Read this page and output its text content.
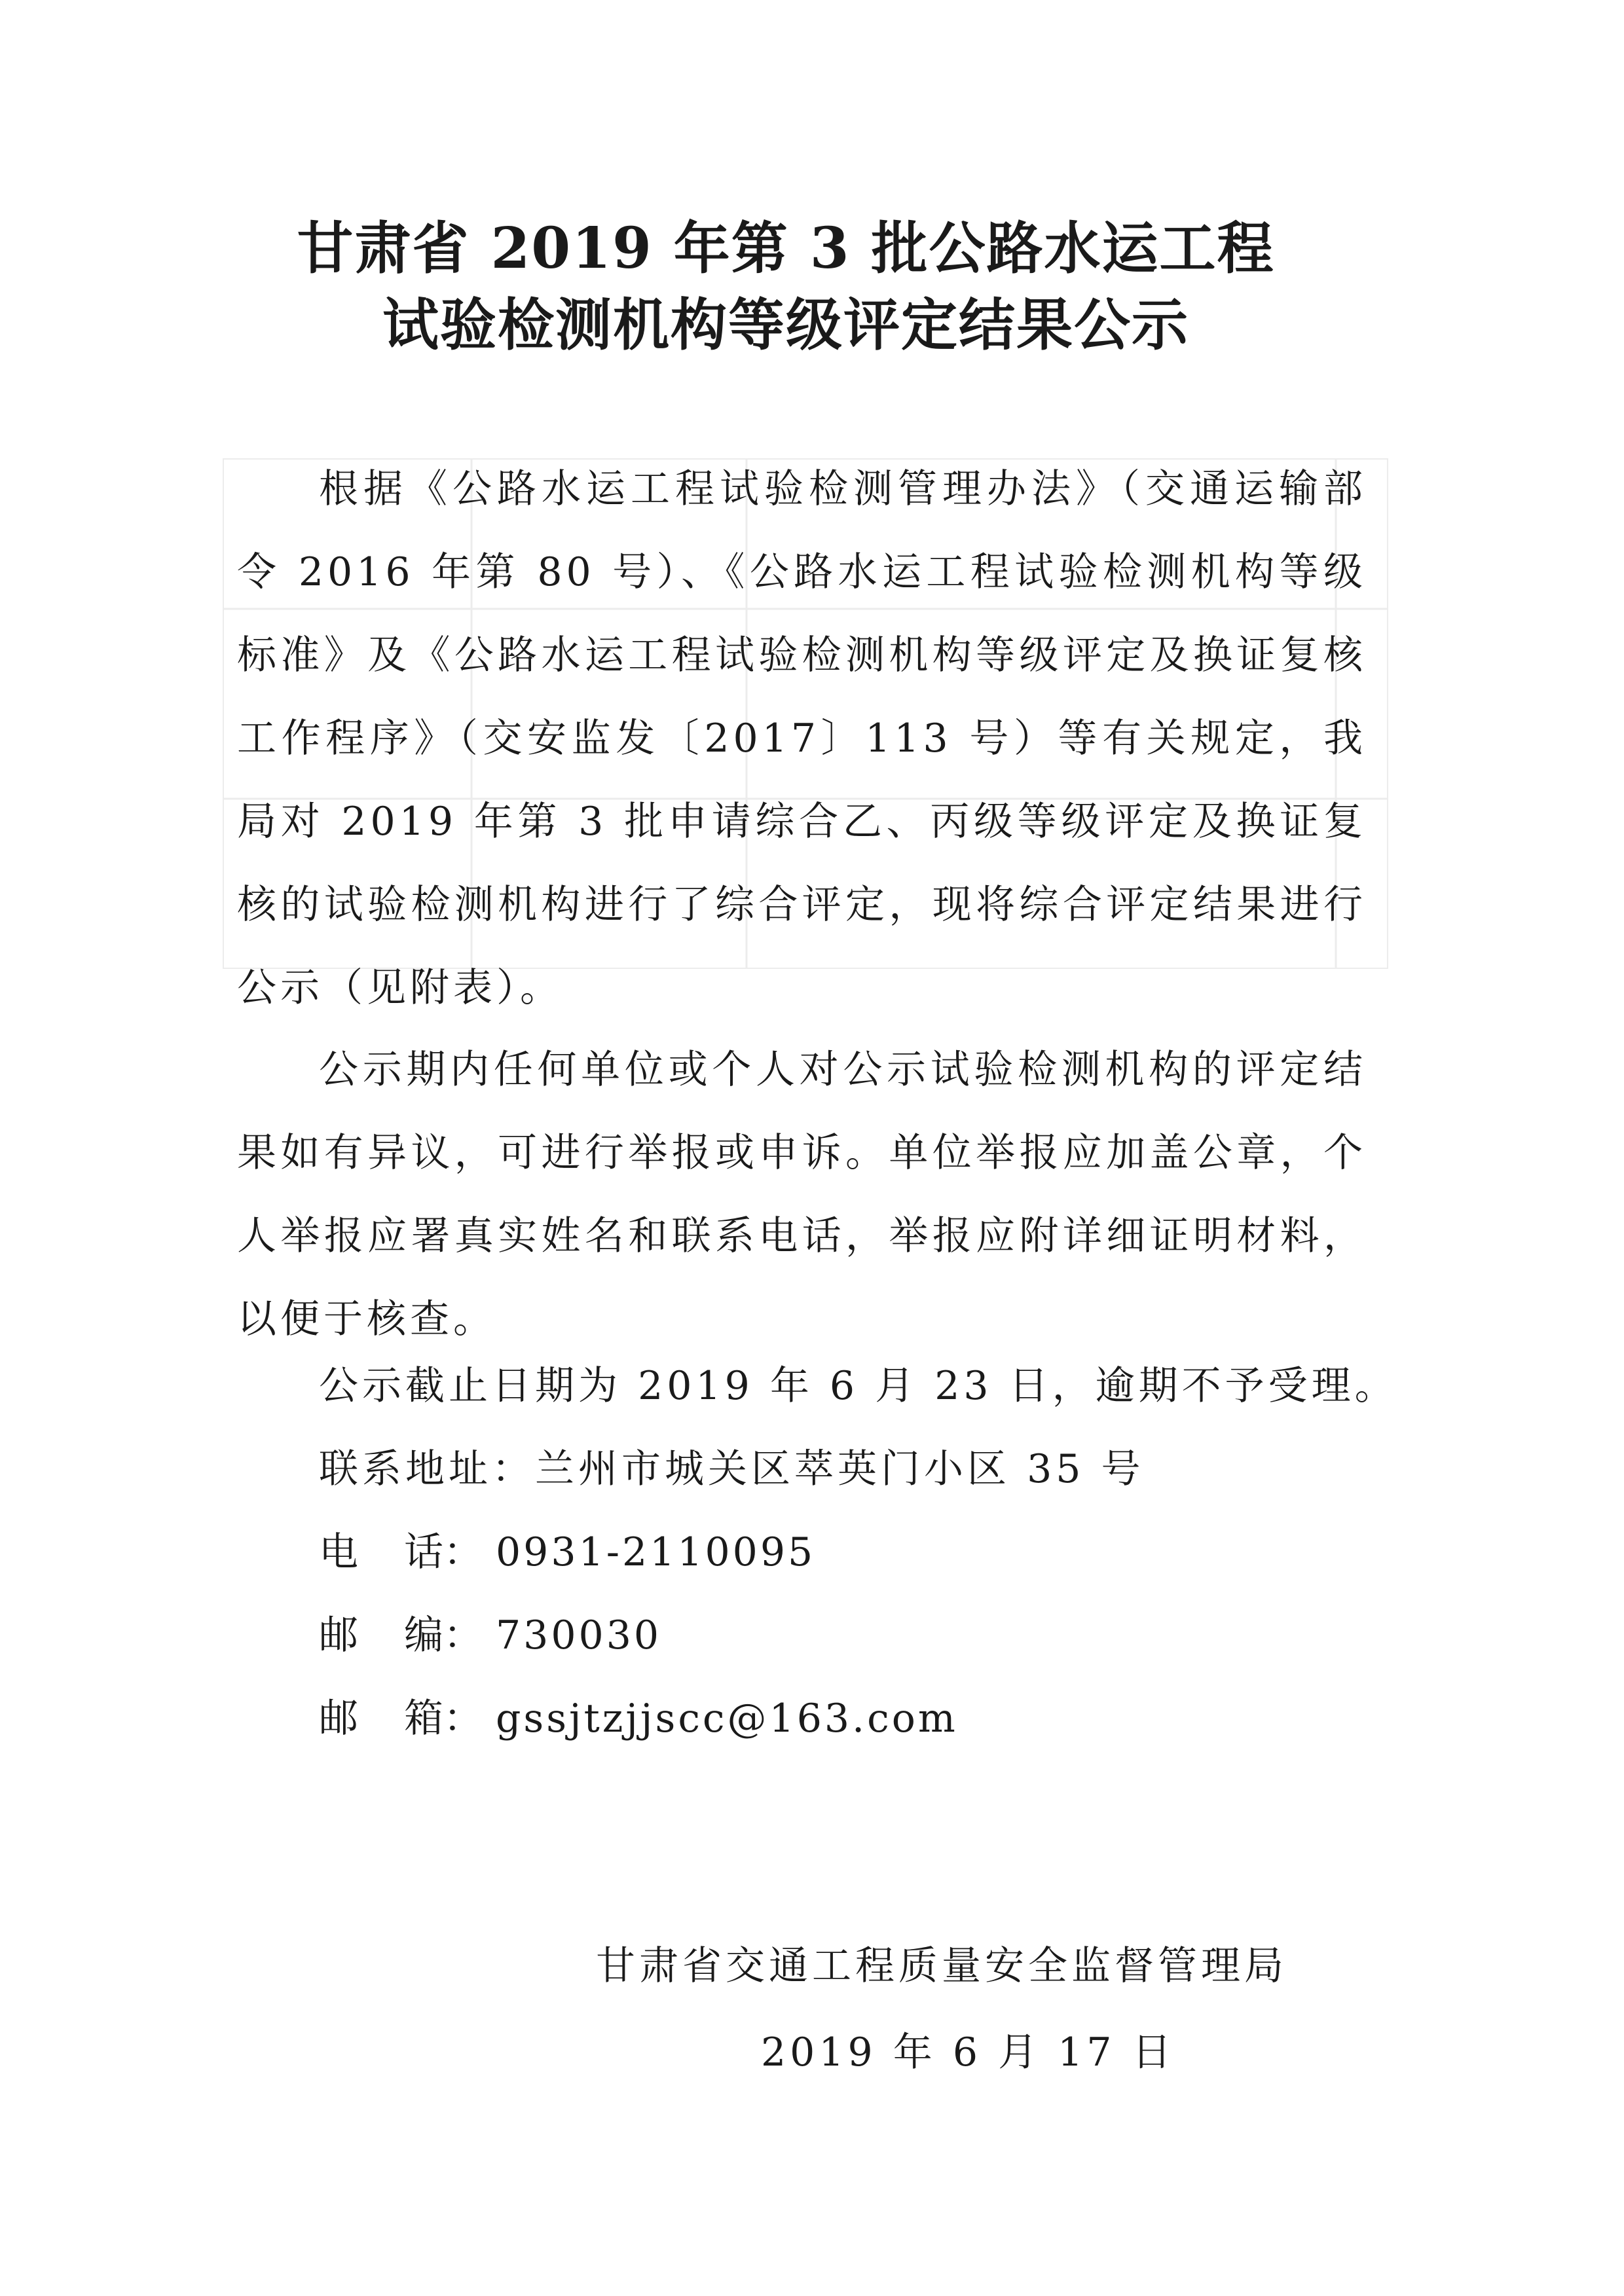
甘肃省 2019 年第 3 批公路水运工程
试验检测机构等级评定结果公示
根据《公路水运工程试验检测管理办法》（交通运输部令 2016 年第 80 号）、《公路水运工程试验检测机构等级标准》及《公路水运工程试验检测机构等级评定及换证复核工作程序》（交安监发〔2017〕113 号）等有关规定，我局对 2019 年第 3 批申请综合乙、丙级等级评定及换证复核的试验检测机构进行了综合评定，现将综合评定结果进行公示（见附表）。
公示期内任何单位或个人对公示试验检测机构的评定结果如有异议，可进行举报或申诉。单位举报应加盖公章，个人举报应署真实姓名和联系电话，举报应附详细证明材料，以便于核查。
公示截止日期为 2019 年 6 月 23 日，逾期不予受理。
联系地址：兰州市城关区萃英门小区 35 号
电 话： 0931-2110095
邮 编： 730030
邮 箱： gssjtzjjscc@163.com
甘肃省交通工程质量安全监督管理局
2019 年 6 月 17 日
